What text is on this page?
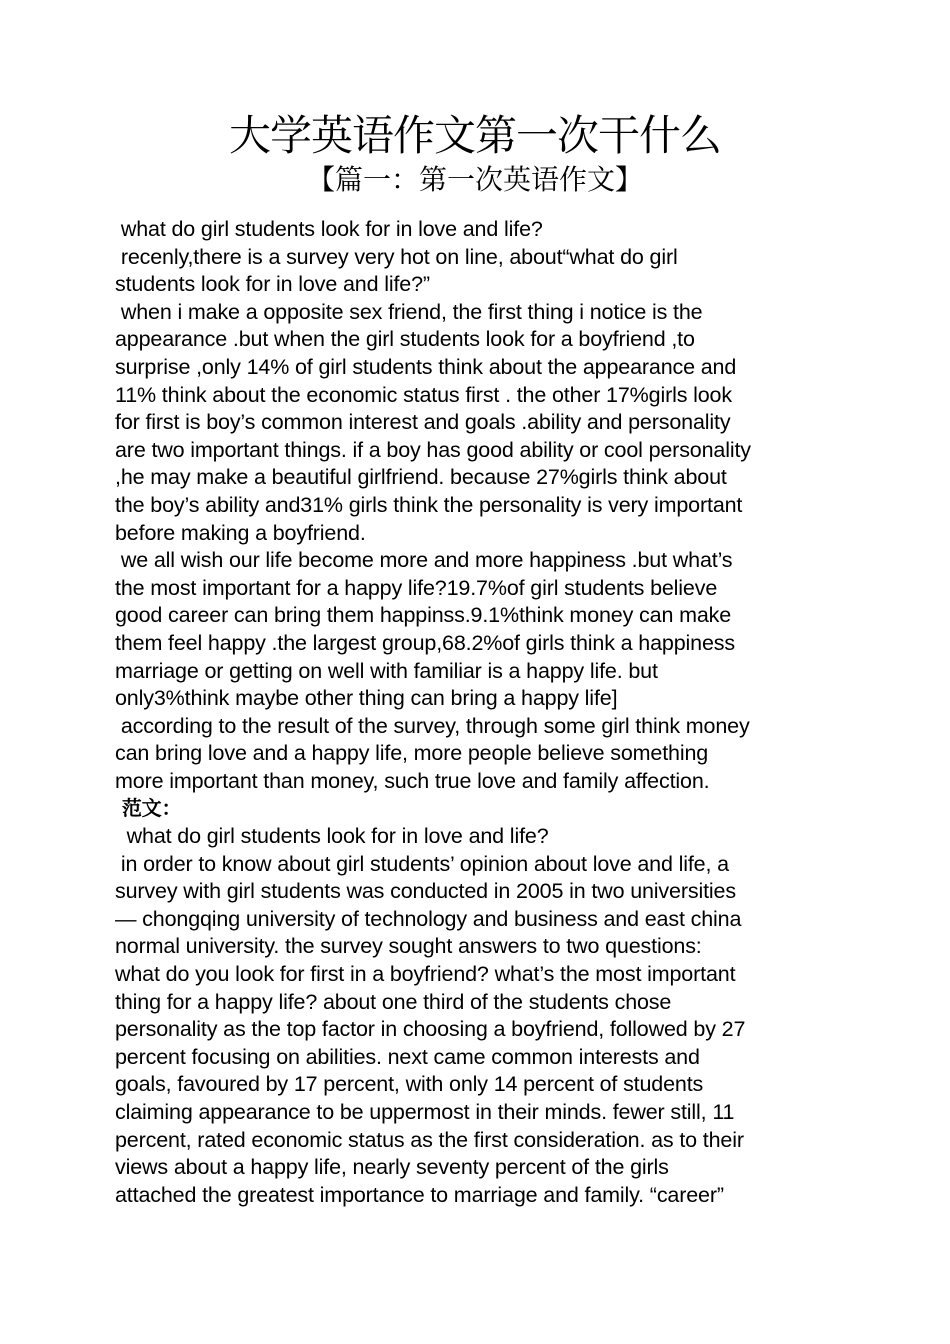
大学英语作文第一次干什么
【篇一：第一次英语作文】
what do girl students look for in love and life?
recenly,there is a survey very hot on line, about“what do girl
students look for in love and life?”
when i make a opposite sex friend, the first thing i notice is the
appearance .but when the girl students look for a boyfriend ,to
surprise ,only 14% of girl students think about the appearance and
11% think about the economic status first . the other 17%girls look
for first is boy’s common interest and goals .ability and personality
are two important things. if a boy has good ability or cool personality
,he may make a beautiful girlfriend. because 27%girls think about
the boy’s ability and31% girls think the personality is very important
before making a boyfriend.
we all wish our life become more and more happiness .but what’s
the most important for a happy life?19.7%of girl students believe
good career can bring them happinss.9.1%think money can make
them feel happy .the largest group,68.2%of girls think a happiness
marriage or getting on well with familiar is a happy life. but
only3%think maybe other thing can bring a happy life]
according to the result of the survey, through some girl think money
can bring love and a happy life, more people believe something
more important than money, such true love and family affection.
范文：
what do girl students look for in love and life?
in order to know about girl students’ opinion about love and life, a
survey with girl students was conducted in 2005 in two universities
— chongqing university of technology and business and east china
normal university. the survey sought answers to two questions:
what do you look for first in a boyfriend? what’s the most important
thing for a happy life? about one third of the students chose
personality as the top factor in choosing a boyfriend, followed by 27
percent focusing on abilities. next came common interests and
goals, favoured by 17 percent, with only 14 percent of students
claiming appearance to be uppermost in their minds. fewer still, 11
percent, rated economic status as the first consideration. as to their
views about a happy life, nearly seventy percent of the girls
attached the greatest importance to marriage and family. “career”
